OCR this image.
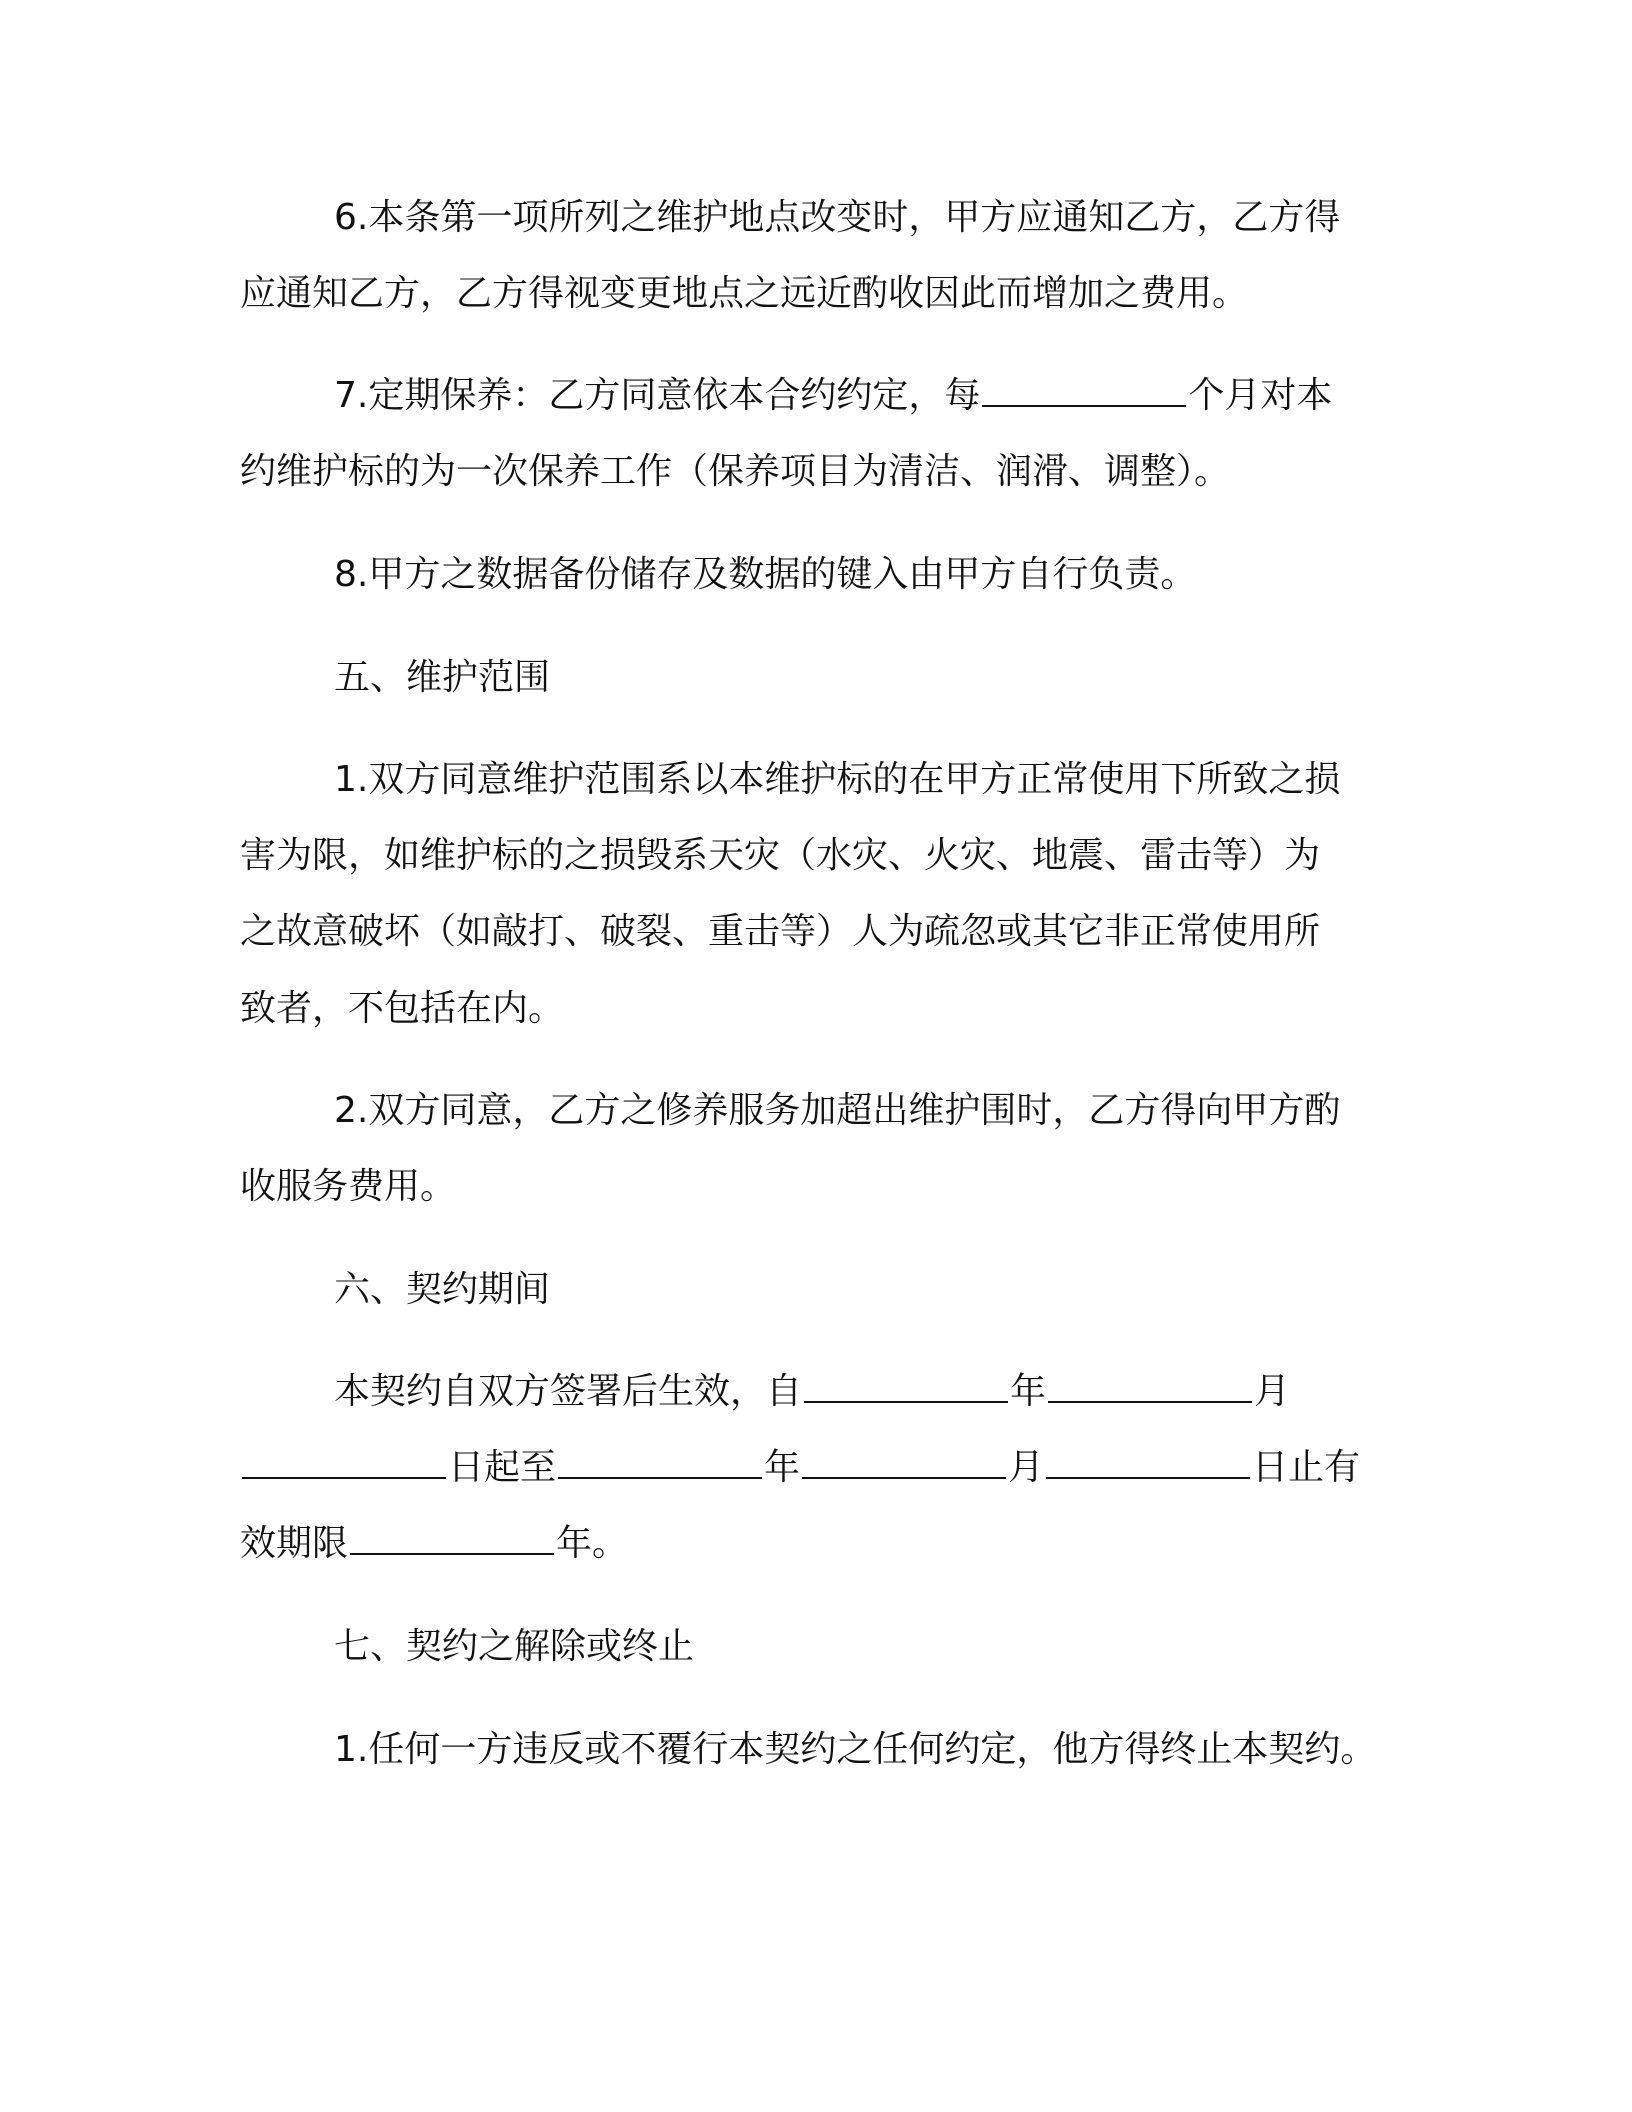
6.本条第一项所列之维护地点改变时，甲方应通知乙方，乙方得

应通知乙方，乙方得视变更地点之远近酌收因此而增加之费用。

7.定期保养：乙方同意依本合约约定，每	个月对本

约维护标的为一次保养工作（保养项目为清洁、润滑、调整）。

8.甲方之数据备份储存及数据的键入由甲方自行负责。

五、维护范围

1.双方同意维护范围系以本维护标的在甲方正常使用下所致之损

害为限，如维护标的之损毁系天灾（水灾、火灾、地震、雷击等）为

之故意破坏（如敲打、破裂、重击等）人为疏忽或其它非正常使用所

致者，不包括在内。

2.双方同意，乙方之修养服务加超出维护围时，乙方得向甲方酌

收服务费用。

六、契约期间

本契约自双方签署后生效，自	年	月

日起至	年	月	日止有

效期限	年。

七、契约之解除或终止

1.任何一方违反或不覆行本契约之任何约定，他方得终止本契约。
